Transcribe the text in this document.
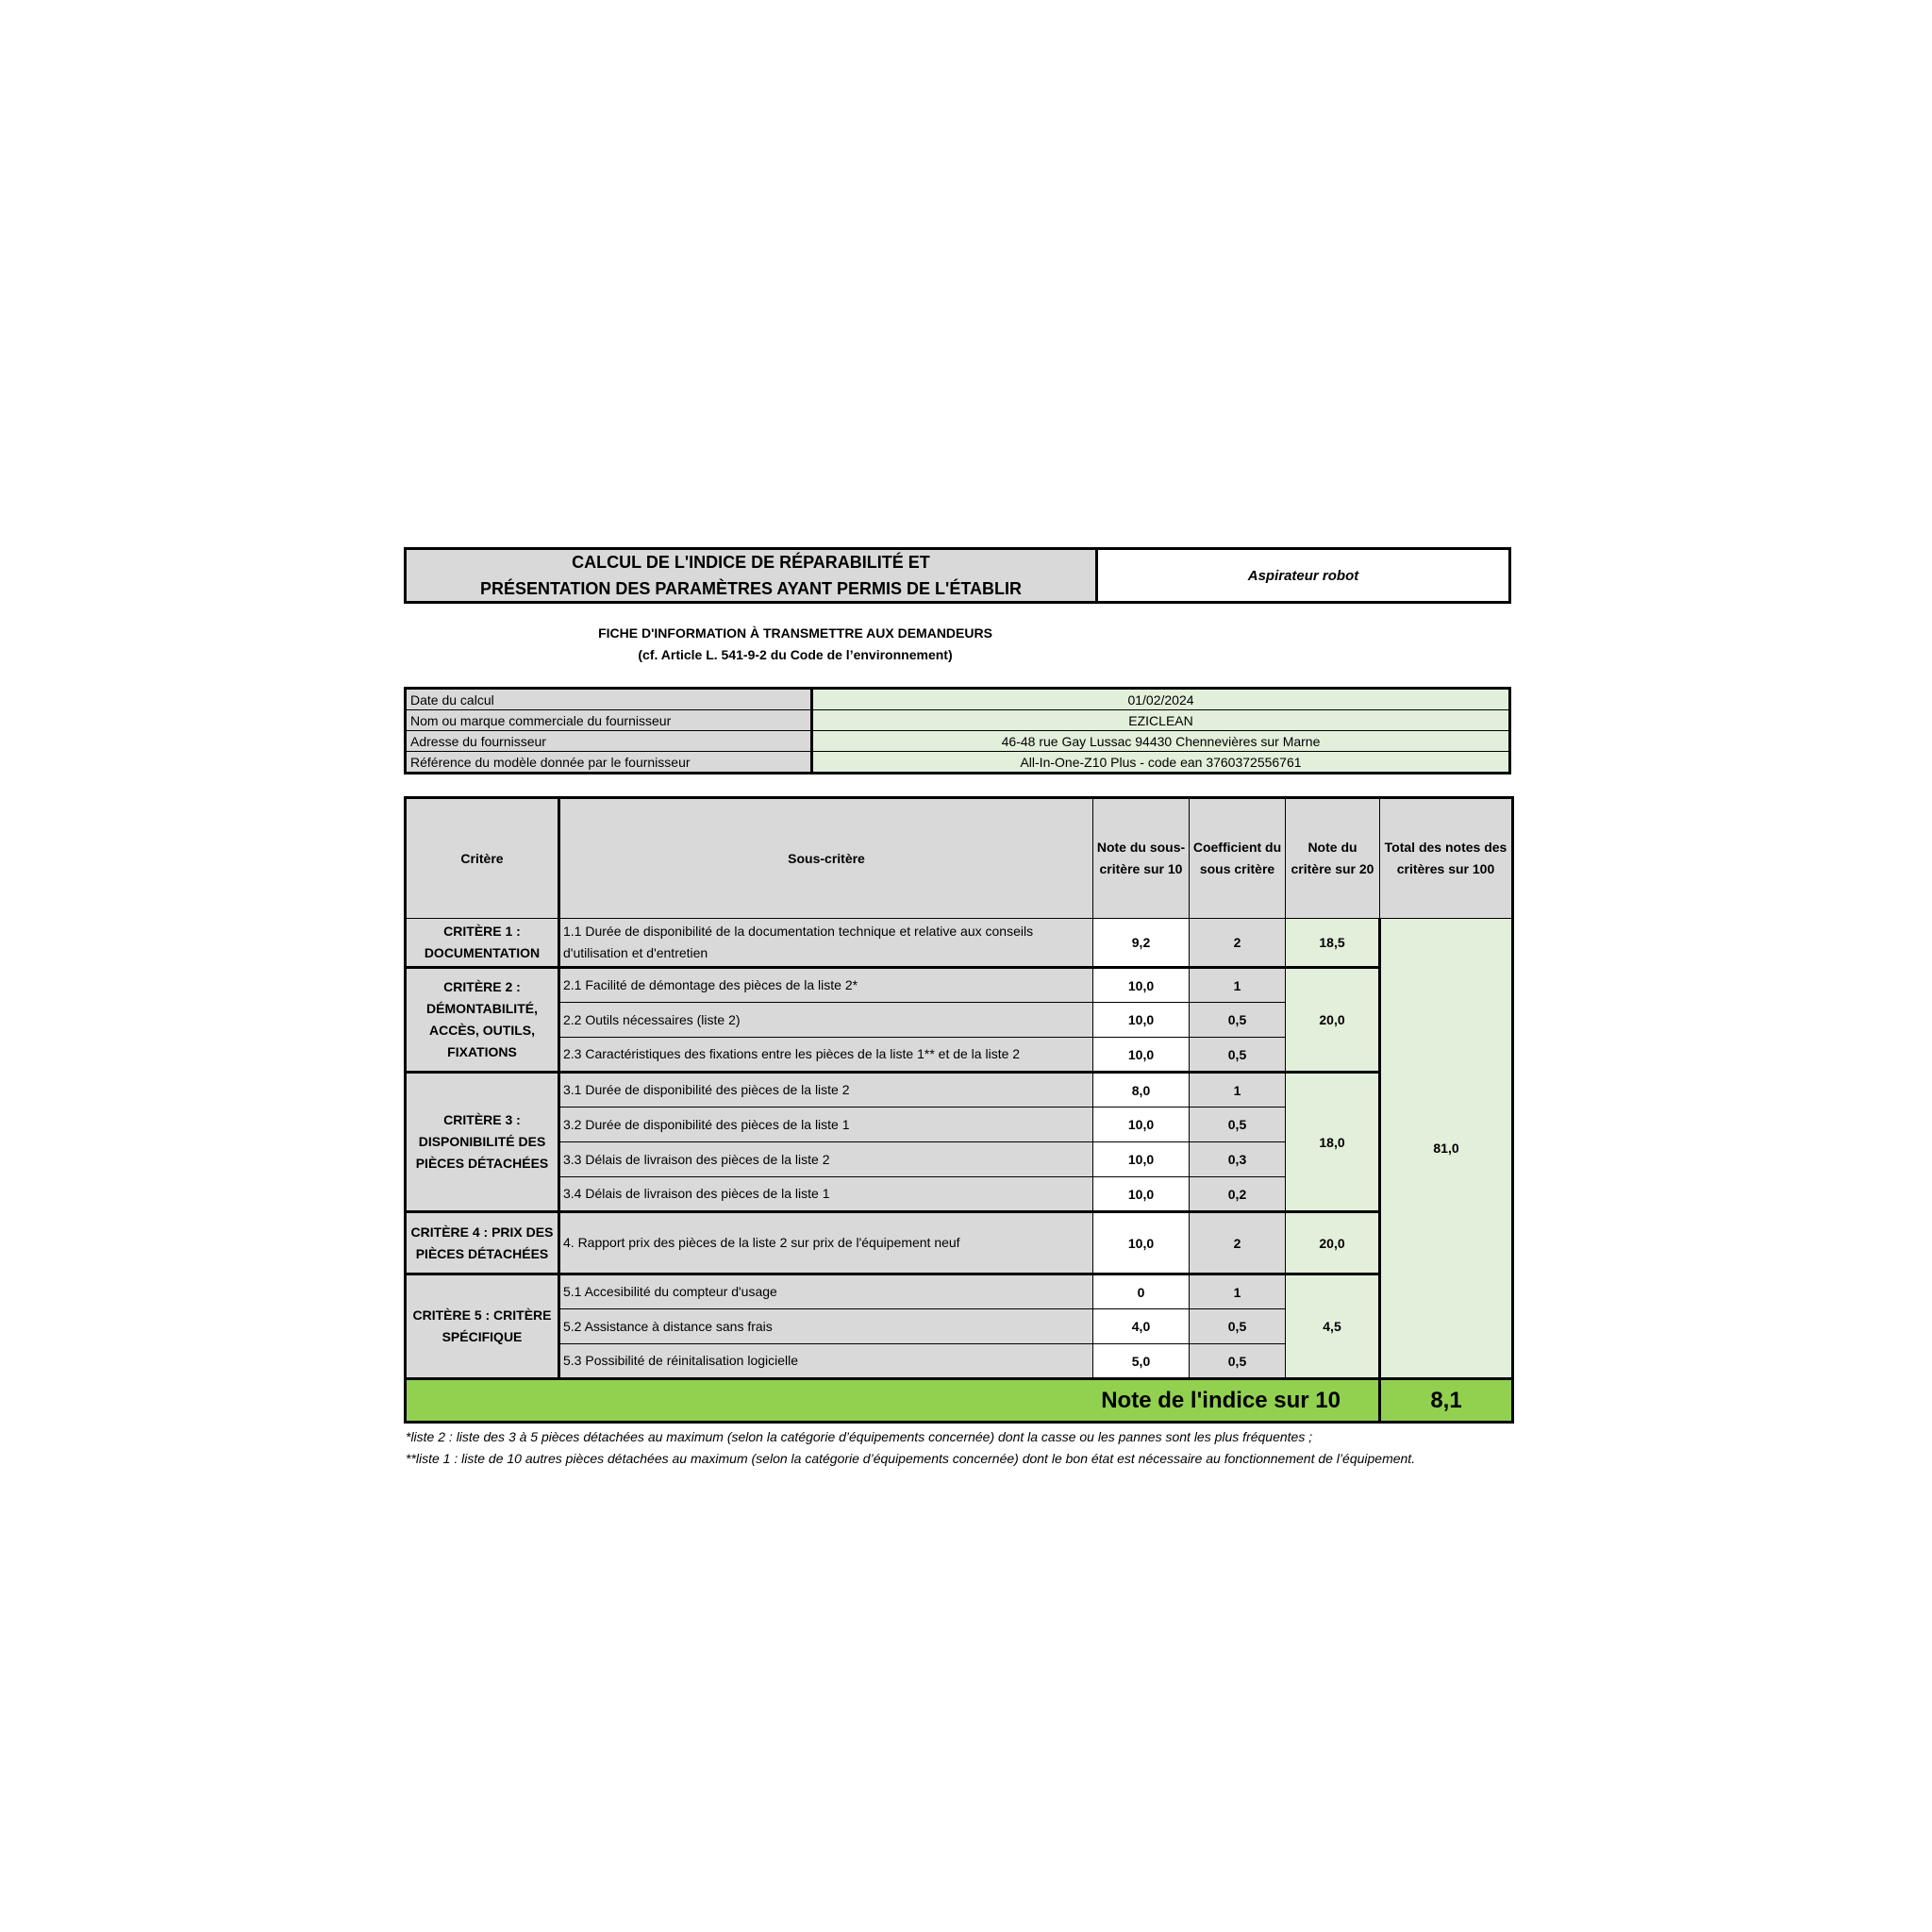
CALCUL DE L'INDICE DE RÉPARABILITÉ ET
PRÉSENTATION DES PARAMÈTRES AYANT PERMIS DE L'ÉTABLIR
Aspirateur robot
FICHE D'INFORMATION À TRANSMETTRE AUX DEMANDEURS
(cf. Article L. 541-9-2 du Code de l’environnement)
Date du calcul	01/02/2024
Nom ou marque commerciale du fournisseur	EZICLEAN
Adresse du fournisseur	46-48 rue Gay Lussac 94430 Chennevières sur Marne
Référence du modèle donnée par le fournisseur	All-In-One-Z10 Plus - code ean 3760372556761
Critère	Sous-critère	Note du sous-critère sur 10	Coefficient du sous critère	Note du critère sur 20	Total des notes des critères sur 100
CRITÈRE 1 : DOCUMENTATION	1.1 Durée de disponibilité de la documentation technique et relative aux conseils d'utilisation et d'entretien	9,2	2	18,5	81,0
CRITÈRE 2 : DÉMONTABILITÉ, ACCÈS, OUTILS, FIXATIONS	2.1 Facilité de démontage des pièces de la liste 2*	10,0	1	20,0	
	2.2 Outils nécessaires (liste 2)	10,0	0,5		
	2.3 Caractéristiques des fixations entre les pièces de la liste 1** et de la liste 2	10,0	0,5		
CRITÈRE 3 : DISPONIBILITÉ DES PIÈCES DÉTACHÉES	3.1 Durée de disponibilité des pièces de la liste 2	8,0	1	18,0	
	3.2 Durée de disponibilité des pièces de la liste 1	10,0	0,5		
	3.3 Délais de livraison des pièces de la liste 2	10,0	0,3		
	3.4 Délais de livraison des pièces de la liste 1	10,0	0,2		
CRITÈRE 4 : PRIX DES PIÈCES DÉTACHÉES	4. Rapport prix des pièces de la liste 2 sur prix de l'équipement neuf	10,0	2	20,0	
CRITÈRE 5 : CRITÈRE SPÉCIFIQUE	5.1 Accesibilité du compteur d'usage	0	1	4,5	
	5.2 Assistance à distance sans frais	4,0	0,5		
	5.3 Possibilité de réinitalisation logicielle	5,0	0,5		
Note de l'indice sur 10					8,1

*liste 2 : liste des 3 à 5 pièces détachées au maximum (selon la catégorie d’équipements concernée) dont la casse ou les pannes sont les plus fréquentes ;

**liste 1 : liste de 10 autres pièces détachées au maximum (selon la catégorie d’équipements concernée) dont le bon état est nécessaire au fonctionnement de l’équipement.
